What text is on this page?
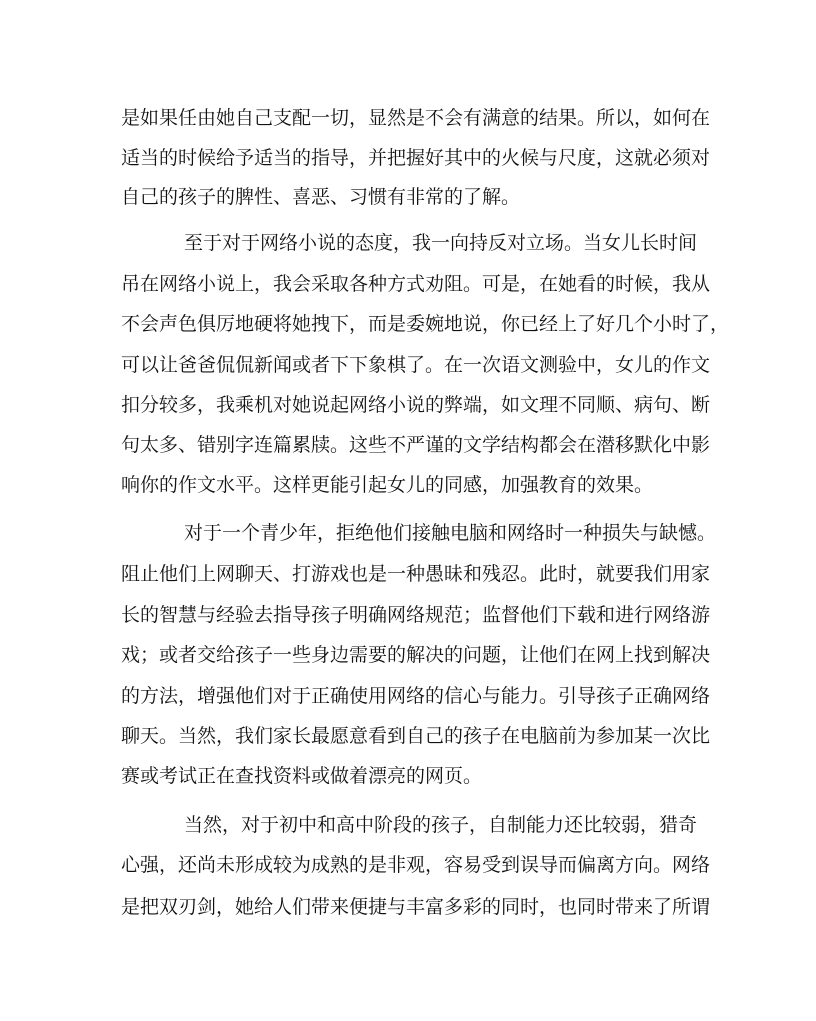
是如果任由她自己支配一切，显然是不会有满意的结果。所以，如何在
适当的时候给予适当的指导，并把握好其中的火候与尺度，这就必须对
自己的孩子的脾性、喜恶、习惯有非常的了解。
至于对于网络小说的态度，我一向持反对立场。当女儿长时间
吊在网络小说上，我会采取各种方式劝阻。可是，在她看的时候，我从
不会声色俱厉地硬将她拽下，而是委婉地说，你已经上了好几个小时了，
可以让爸爸侃侃新闻或者下下象棋了。在一次语文测验中，女儿的作文
扣分较多，我乘机对她说起网络小说的弊端，如文理不同顺、病句、断
句太多、错别字连篇累牍。这些不严谨的文学结构都会在潜移默化中影
响你的作文水平。这样更能引起女儿的同感，加强教育的效果。
对于一个青少年，拒绝他们接触电脑和网络时一种损失与缺憾。
阻止他们上网聊天、打游戏也是一种愚昧和残忍。此时，就要我们用家
长的智慧与经验去指导孩子明确网络规范；监督他们下载和进行网络游
戏；或者交给孩子一些身边需要的解决的问题，让他们在网上找到解决
的方法，增强他们对于正确使用网络的信心与能力。引导孩子正确网络
聊天。当然，我们家长最愿意看到自己的孩子在电脑前为参加某一次比
赛或考试正在查找资料或做着漂亮的网页。
当然，对于初中和高中阶段的孩子，自制能力还比较弱，猎奇
心强，还尚未形成较为成熟的是非观，容易受到误导而偏离方向。网络
是把双刃剑，她给人们带来便捷与丰富多彩的同时，也同时带来了所谓
